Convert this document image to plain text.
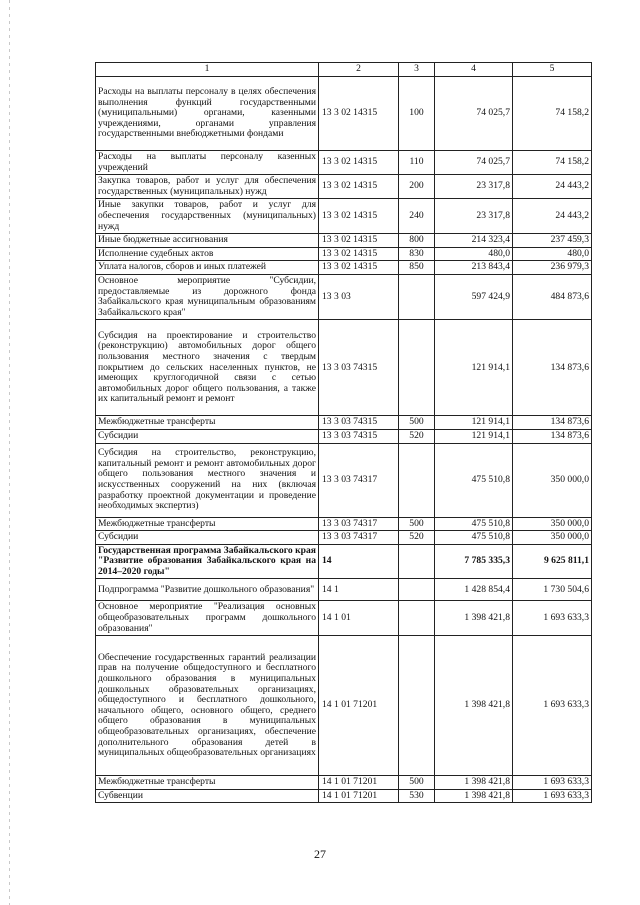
1	2	3	4	5
Расходы на выплаты персоналу в целях обеспечения выполнения функций государственными (муниципальными) органами, казенными учреждениями, органами управления государственными внебюджетными фондами	13 3 02 14315	100	74 025,7	74 158,2
Расходы на выплаты персоналу казенных учреждений	13 3 02 14315	110	74 025,7	74 158,2
Закупка товаров, работ и услуг для обеспечения государственных (муниципальных) нужд	13 3 02 14315	200	23 317,8	24 443,2
Иные закупки товаров, работ и услуг для обеспечения государственных (муниципальных) нужд	13 3 02 14315	240	23 317,8	24 443,2
Иные бюджетные ассигнования	13 3 02 14315	800	214 323,4	237 459,3
Исполнение судебных актов	13 3 02 14315	830	480,0	480,0
Уплата налогов, сборов и иных платежей	13 3 02 14315	850	213 843,4	236 979,3
Основное мероприятие "Субсидии, предоставляемые из дорожного фонда Забайкальского края муниципальным образованиям Забайкальского края"	13 3 03		597 424,9	484 873,6
Субсидия на проектирование и строительство (реконструкцию) автомобильных дорог общего пользования местного значения с твердым покрытием до сельских населенных пунктов, не имеющих круглогодичной связи с сетью автомобильных дорог общего пользования, а также их капитальный ремонт и ремонт	13 3 03 74315		121 914,1	134 873,6
Межбюджетные трансферты	13 3 03 74315	500	121 914,1	134 873,6
Субсидии	13 3 03 74315	520	121 914,1	134 873,6
Субсидия на строительство, реконструкцию, капитальный ремонт и ремонт автомобильных дорог общего пользования местного значения и искусственных сооружений на них (включая разработку проектной документации и проведение необходимых экспертиз)	13 3 03 74317		475 510,8	350 000,0
Межбюджетные трансферты	13 3 03 74317	500	475 510,8	350 000,0
Субсидии	13 3 03 74317	520	475 510,8	350 000,0
Государственная программа Забайкальского края "Развитие образования Забайкальского края на 2014–2020 годы"	14		7 785 335,3	9 625 811,1
Подпрограмма "Развитие дошкольного образования"	14 1		1 428 854,4	1 730 504,6
Основное мероприятие "Реализация основных общеобразовательных программ дошкольного образования"	14 1 01		1 398 421,8	1 693 633,3
Обеспечение государственных гарантий реализации прав на получение общедоступного и бесплатного дошкольного образования в муниципальных дошкольных образовательных организациях, общедоступного и бесплатного дошкольного, начального общего, основного общего, среднего общего образования в муниципальных общеобразовательных организациях, обеспечение дополнительного образования детей в муниципальных общеобразовательных организациях	14 1 01 71201		1 398 421,8	1 693 633,3
Межбюджетные трансферты	14 1 01 71201	500	1 398 421,8	1 693 633,3
Субвенции	14 1 01 71201	530	1 398 421,8	1 693 633,3
27
